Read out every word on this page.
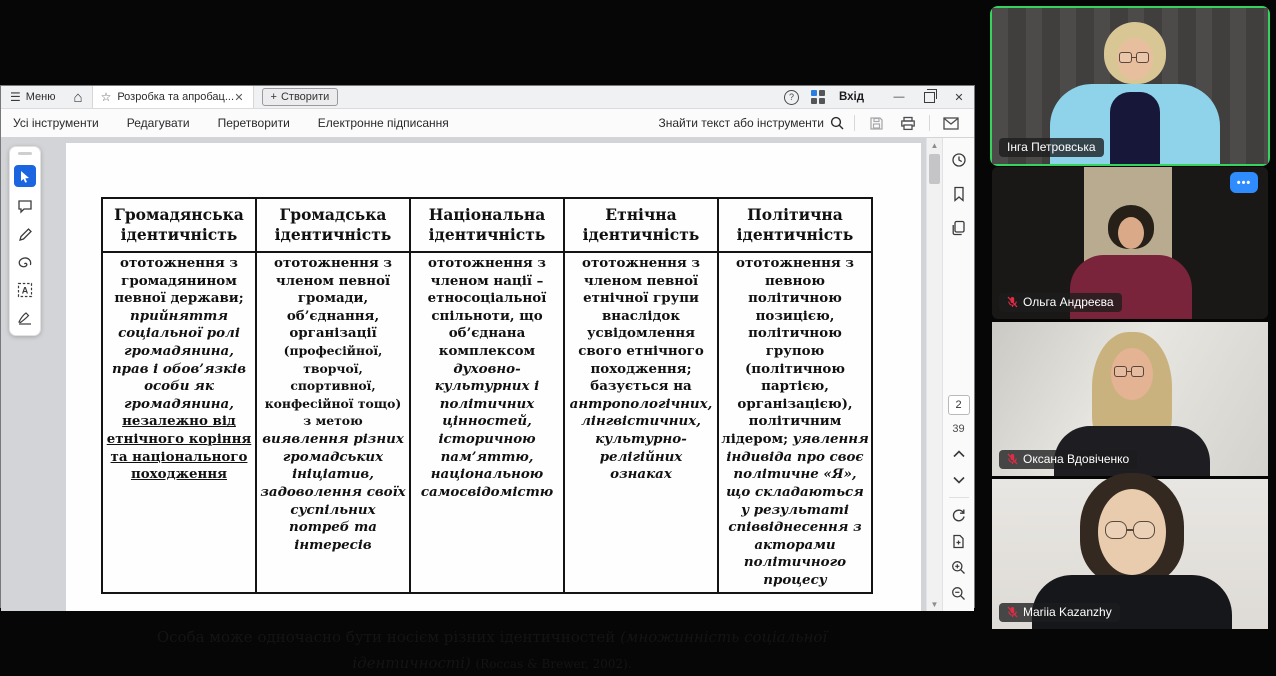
☰ Меню ⌂ ☆ Розробка та апробац... ✕ + Створити	?	Вхід	—	✕
Усі інструменти Редагувати Перетворити Електронне підписання	Знайти текст або інструменти
Громадянська ідентичність	Громадська ідентичність	Національна ідентичність	Етнічна ідентичність	Політична ідентичність
ототожнення з громадянином певної держави; прийняття соціальної ролі громадянина, прав і обов’язків особи як громадянина, незалежно від етнічного коріння та національного походження	ототожнення з членом певної громади, об’єднання, організації (професійної, творчої, спортивної, конфесійної тощо) з метою виявлення різних громадських ініціатив, задоволення своїх суспільних потреб та інтересів	ототожнення з членом нації – етносоціальної спільноти, що об’єднана комплексом духовно-культурних і політичних цінностей, історичною пам’яттю, національною самосвідомістю	ототожнення з членом певної етнічної групи внаслідок усвідомлення свого етнічного походження; базується на антропологічних, лінгвістичних, культурно-релігійних ознаках	ототожнення з певною політичною позицією, політичною групою (політичною партією, організацією), політичним лідером; уявлення індивіда про своє політичне «Я», що складаються у результаті співвіднесення з акторами політичного процесу

Особа може одночасно бути носієм різних ідентичностей (множинність соціальної ідентичності) (Roccas & Brewer, 2002).

A
▲
▼
2
39
Інга Петровська
•••
Ольга Андреєва
Оксана Вдовіченко
Mariia Kazanzhy
